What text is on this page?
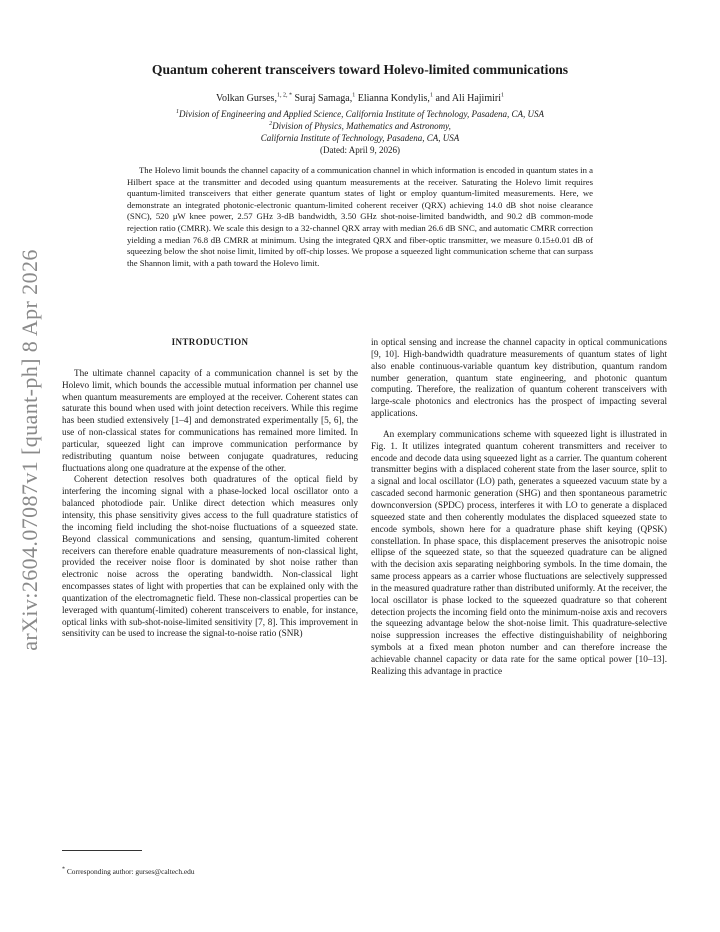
arXiv:2604.07087v1 [quant-ph] 8 Apr 2026
Quantum coherent transceivers toward Holevo-limited communications
Volkan Gurses,$^{1, 2, *}$ Suraj Samaga,$^1$ Elianna Kondylis,$^1$ and Ali Hajimiri$^1$
$^1$Division of Engineering and Applied Science, California Institute of Technology, Pasadena, CA, USA
$^2$Division of Physics, Mathematics and Astronomy,
California Institute of Technology, Pasadena, CA, USA
(Dated: April 9, 2026)

The Holevo limit bounds the channel capacity of a communication channel in which information is encoded in quantum states in a Hilbert space at the transmitter and decoded using quantum measurements at the receiver. Saturating the Holevo limit requires quantum-limited transceivers that either generate quantum states of light or employ quantum-limited measurements. Here, we demonstrate an integrated photonic-electronic quantum-limited coherent receiver (QRX) achieving 14.0 dB shot noise clearance (SNC), 520 μW knee power, 2.57 GHz 3-dB bandwidth, 3.50 GHz shot-noise-limited bandwidth, and 90.2 dB common-mode rejection ratio (CMRR). We scale this design to a 32-channel QRX array with median 26.6 dB SNC, and automatic CMRR correction yielding a median 76.8 dB CMRR at minimum. Using the integrated QRX and fiber-optic transmitter, we measure 0.15±0.01 dB of squeezing below the shot noise limit, limited by off-chip losses. We propose a squeezed light communication scheme that can surpass the Shannon limit, with a path toward the Holevo limit.

INTRODUCTION

The ultimate channel capacity of a communication channel is set by the Holevo limit, which bounds the accessible mutual information per channel use when quantum measurements are employed at the receiver. Coherent states can saturate this bound when used with joint detection receivers. While this regime has been studied extensively [1–4] and demonstrated experimentally [5, 6], the use of non-classical states for communications has remained more limited. In particular, squeezed light can improve communication performance by redistributing quantum noise between conjugate quadratures, reducing fluctuations along one quadrature at the expense of the other.

Coherent detection resolves both quadratures of the optical field by interfering the incoming signal with a phase-locked local oscillator onto a balanced photodiode pair. Unlike direct detection which measures only intensity, this phase sensitivity gives access to the full quadrature statistics of the incoming field including the shot-noise fluctuations of a squeezed state. Beyond classical communications and sensing, quantum-limited coherent receivers can therefore enable quadrature measurements of non-classical light, provided the receiver noise floor is dominated by shot noise rather than electronic noise across the operating bandwidth. Non-classical light encompasses states of light with properties that can be explained only with the quantization of the electromagnetic field. These non-classical properties can be leveraged with quantum(-limited) coherent transceivers to enable, for instance, optical links with sub-shot-noise-limited sensitivity [7, 8]. This improvement in sensitivity can be used to increase the signal-to-noise ratio (SNR)

in optical sensing and increase the channel capacity in optical communications [9, 10]. High-bandwidth quadrature measurements of quantum states of light also enable continuous-variable quantum key distribution, quantum random number generation, quantum state engineering, and photonic quantum computing. Therefore, the realization of quantum coherent transceivers with large-scale photonics and electronics has the prospect of impacting several applications.

An exemplary communications scheme with squeezed light is illustrated in Fig. 1. It utilizes integrated quantum coherent transmitters and receiver to encode and decode data using squeezed light as a carrier. The quantum coherent transmitter begins with a displaced coherent state from the laser source, split to a signal and local oscillator (LO) path, generates a squeezed vacuum state by a cascaded second harmonic generation (SHG) and then spontaneous parametric downconversion (SPDC) process, interferes it with LO to generate a displaced squeezed state and then coherently modulates the displaced squeezed state to encode symbols, shown here for a quadrature phase shift keying (QPSK) constellation. In phase space, this displacement preserves the anisotropic noise ellipse of the squeezed state, so that the squeezed quadrature can be aligned with the decision axis separating neighboring symbols. In the time domain, the same process appears as a carrier whose fluctuations are selectively suppressed in the measured quadrature rather than distributed uniformly. At the receiver, the local oscillator is phase locked to the squeezed quadrature so that coherent detection projects the incoming field onto the minimum-noise axis and recovers the squeezing advantage below the shot-noise limit. This quadrature-selective noise suppression increases the effective distinguishability of neighboring symbols at a fixed mean photon number and can therefore increase the achievable channel capacity or data rate for the same optical power [10–13]. Realizing this advantage in practice

* Corresponding author: gurses@caltech.edu
